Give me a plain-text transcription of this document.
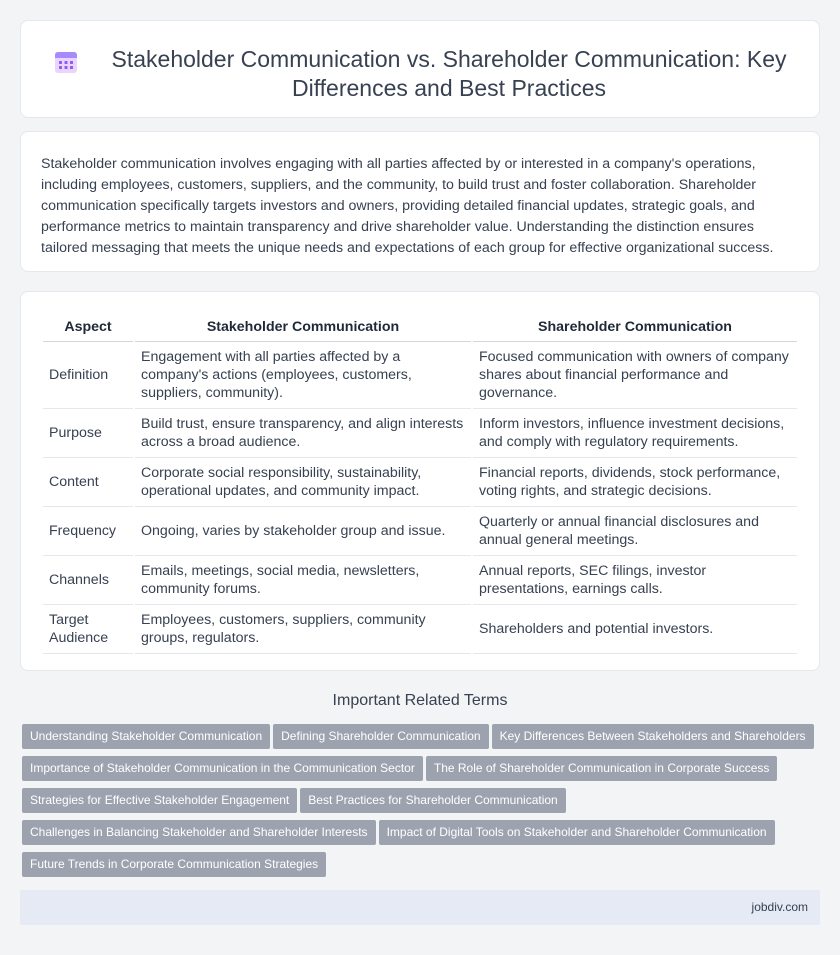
Stakeholder Communication vs. Shareholder Communication: Key Differences and Best Practices

Stakeholder communication involves engaging with all parties affected by or interested in a company's operations, including employees, customers, suppliers, and the community, to build trust and foster collaboration. Shareholder communication specifically targets investors and owners, providing detailed financial updates, strategic goals, and performance metrics to maintain transparency and drive shareholder value. Understanding the distinction ensures tailored messaging that meets the unique needs and expectations of each group for effective organizational success.

Aspect	Stakeholder Communication	Shareholder Communication
Definition	Engagement with all parties affected by a company's actions (employees, customers, suppliers, community).	Focused communication with owners of company shares about financial performance and governance.
Purpose	Build trust, ensure transparency, and align interests across a broad audience.	Inform investors, influence investment decisions, and comply with regulatory requirements.
Content	Corporate social responsibility, sustainability, operational updates, and community impact.	Financial reports, dividends, stock performance, voting rights, and strategic decisions.
Frequency	Ongoing, varies by stakeholder group and issue.	Quarterly or annual financial disclosures and annual general meetings.
Channels	Emails, meetings, social media, newsletters, community forums.	Annual reports, SEC filings, investor presentations, earnings calls.
Target Audience	Employees, customers, suppliers, community groups, regulators.	Shareholders and potential investors.
Important Related Terms
Understanding Stakeholder Communication Defining Shareholder Communication Key Differences Between Stakeholders and ShareholdersImportance of Stakeholder Communication in the Communication Sector The Role of Shareholder Communication in Corporate SuccessStrategies for Effective Stakeholder Engagement Best Practices for Shareholder CommunicationChallenges in Balancing Stakeholder and Shareholder Interests Impact of Digital Tools on Stakeholder and Shareholder CommunicationFuture Trends in Corporate Communication Strategies
jobdiv.com
